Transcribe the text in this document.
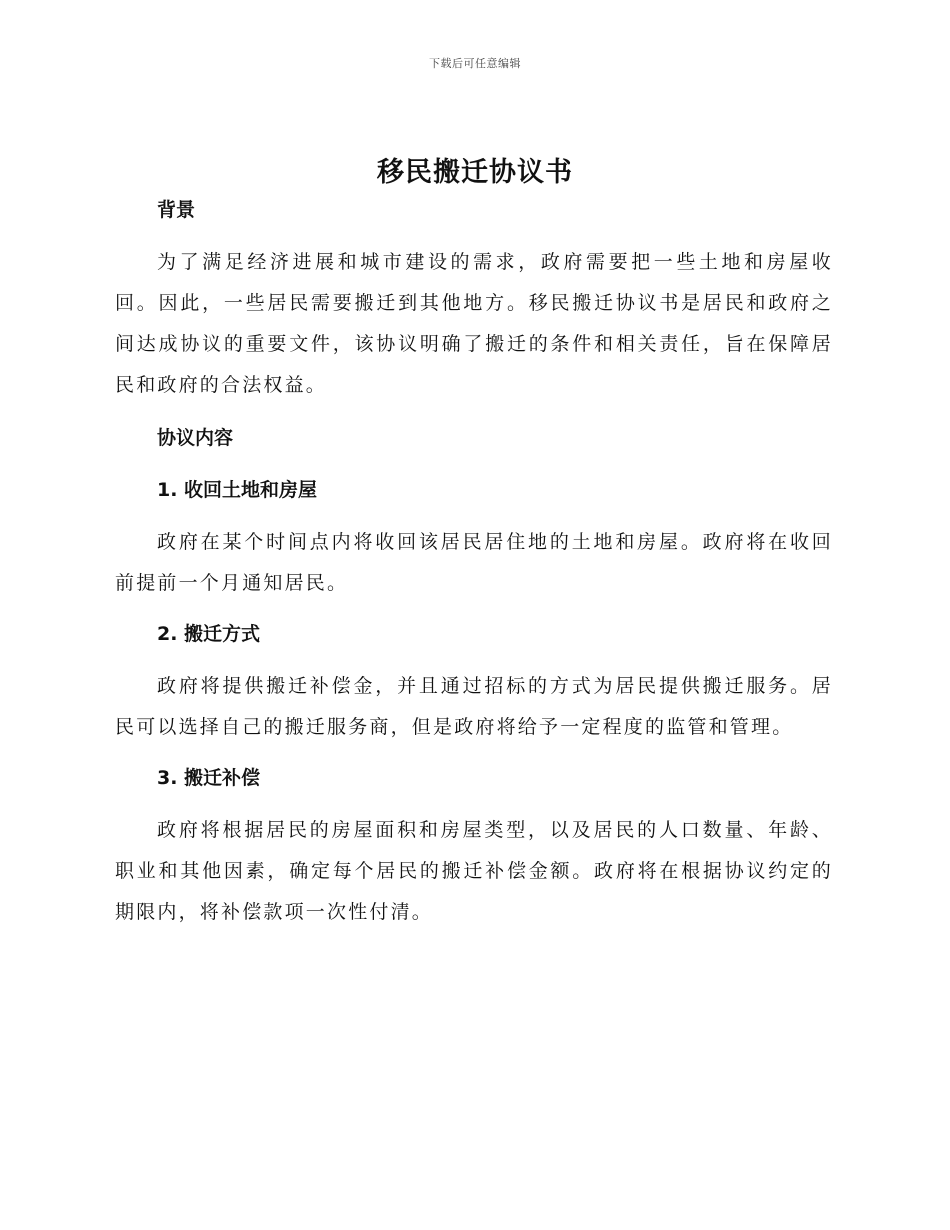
下载后可任意编辑
移民搬迁协议书
背景

为了满足经济进展和城市建设的需求，政府需要把一些土地和房屋收回。因此，一些居民需要搬迁到其他地方。移民搬迁协议书是居民和政府之间达成协议的重要文件，该协议明确了搬迁的条件和相关责任，旨在保障居民和政府的合法权益。

协议内容
1. 收回土地和房屋

政府在某个时间点内将收回该居民居住地的土地和房屋。政府将在收回前提前一个月通知居民。

2. 搬迁方式

政府将提供搬迁补偿金，并且通过招标的方式为居民提供搬迁服务。居民可以选择自己的搬迁服务商，但是政府将给予一定程度的监管和管理。

3. 搬迁补偿

政府将根据居民的房屋面积和房屋类型，以及居民的人口数量、年龄、职业和其他因素，确定每个居民的搬迁补偿金额。政府将在根据协议约定的期限内，将补偿款项一次性付清。
